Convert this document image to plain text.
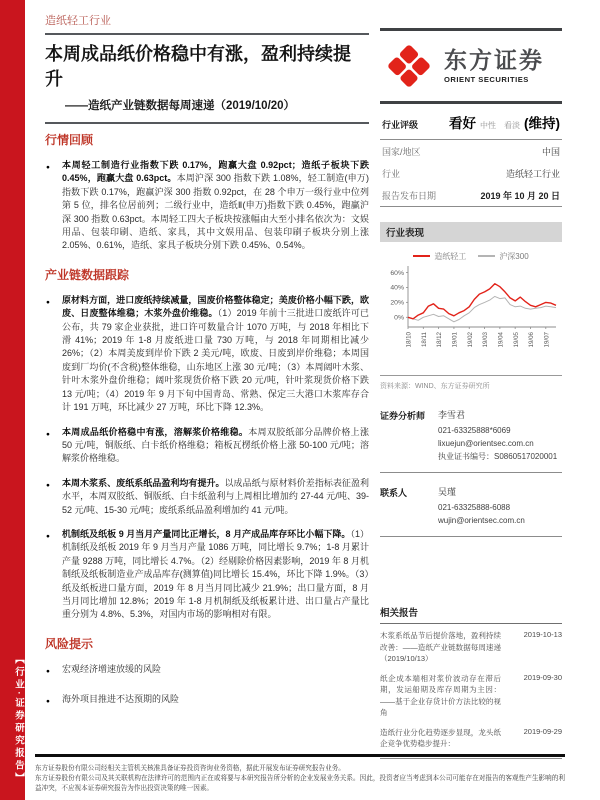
【行业·证券研究报告】
造纸轻工行业
本周成品纸价格稳中有涨，盈利持续提升
——造纸产业链数据每周速递（2019/10/20）
行情回顾
● 本周轻工制造行业指数下跌 0.17%，跑赢大盘 0.92pct；造纸子板块下跌 0.45%，跑赢大盘 0.63pct。本周沪深 300 指数下跌 1.08%，轻工制造(申万)指数下跌 0.17%，跑赢沪深 300 指数 0.92pct，在 28 个申万一级行业中位列第 5 位，排名位居前列；二级行业中，造纸Ⅱ(申万)指数下跌 0.45%，跑赢沪深 300 指数 0.63pct。本周轻工四大子板块按涨幅由大至小排名依次为：文娱用品、包装印刷、造纸、家具，其中文娱用品、包装印刷子板块分别上涨 2.05%、0.61%，造纸、家具子板块分别下跌 0.45%、0.54%。
产业链数据跟踪
● 原材料方面，进口废纸持续减量，国废价格整体稳定；美废价格小幅下跌，欧废、日废整体维稳；木浆外盘价维稳。（1）2019 年前十三批进口废纸许可已公布，共 79 家企业获批，进口许可数量合计 1070 万吨，与 2018 年相比下滑 41%；2019 年 1-8 月废纸进口量 730 万吨，与 2018 年同期相比减少 26%；（2）本周美废到岸价下跌 2 美元/吨，欧废、日废到岸价维稳；本周国废到厂均价(不含税)整体维稳，山东地区上涨 30 元/吨；（3）本周阔叶木浆、针叶木浆外盘价维稳；阔叶浆现货价格下跌 20 元/吨，针叶浆现货价格下跌 13 元/吨；（4）2019 年 9 月下旬中国青岛、常熟、保定三大港口木浆库存合计 191 万吨，环比减少 27 万吨，环比下降 12.3%。
● 本周成品纸价格稳中有涨，溶解浆价格维稳。本周双胶纸部分品牌价格上涨 50 元/吨，铜版纸、白卡纸价格维稳；箱板瓦楞纸价格上涨 50-100 元/吨；溶解浆价格维稳。
● 本周木浆系、废纸系纸品盈利均有提升。以成品纸与原材料价差指标表征盈利水平，本周双胶纸、铜版纸、白卡纸盈利与上周相比增加约 27-44 元/吨、39-52 元/吨、15-30 元/吨；废纸系纸品盈利增加约 41 元/吨。
● 机制纸及纸板 9 月当月产量同比正增长，8 月产成品库存环比小幅下降。（1）机制纸及纸板 2019 年 9 月当月产量 1086 万吨，同比增长 9.7%；1-8 月累计产量 9288 万吨，同比增长 4.7%。（2）经剔除价格因素影响，2019 年 8 月机制纸及纸板制造业产成品库存(测算值)同比增长 15.4%，环比下降 1.9%。（3）纸及纸板进口量方面，2019 年 8 月当月同比减少 21.9%；出口量方面，8 月当月同比增加 12.8%；2019 年 1-8 月机制纸及纸板累计进、出口量占产量比重分别为 4.8%、5.3%，对国内市场的影响相对有限。
风险提示
● 宏观经济增速放缓的风险
● 海外项目推进不达预期的风险
东方证券
ORIENT SECURITIES
行业评级 看好 中性 看淡 (维持)
国家/地区	中国
行业	造纸轻工行业
报告发布日期	2019 年 10 月 20 日
行业表现
造纸轻工	沪深300
60%
40%
20%
0%
18/10 18/11 18/12 19/01 19/02 19/03 19/04 19/05 19/06 19/07
资料来源：WIND、东方证券研究所
证券分析师	李雪君
021-63325888*6069
lixuejun@orientsec.com.cn
执业证书编号：S0860517020001
联系人	吴瑾
021-63325888-6088
wujin@orientsec.com.cn
相关报告
木浆系纸品节后提价落地，盈利持续改善：——造纸产业链数据每周速递（2019/10/13）
2019-10-13
纸企成本端相对浆价波动存在滞后期，发运船期及库存周期为主因：——基于企业存货计价方法比较的视角
2019-09-30
造纸行业分化趋势逐步显现，龙头纸企竞争优势稳步提升：
2019-09-29

东方证券股份有限公司经相关主管机关核准具备证券投资咨询业务资格，据此开展发布证券研究报告业务。

东方证券股份有限公司及其关联机构在法律许可的范围内正在或将要与本研究报告所分析的企业发展业务关系。因此，投资者应当考虑到本公司可能存在对报告的客观性产生影响的利益冲突，不应视本证券研究报告为作出投资决策的唯一因素。
